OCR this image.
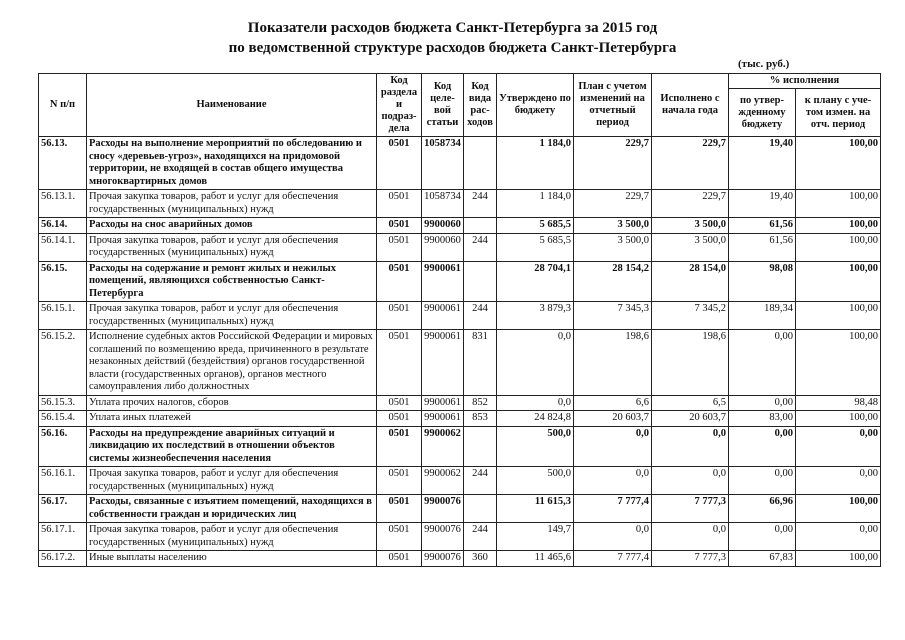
Показатели расходов бюджета Санкт-Петербурга за 2015 год
по ведомственной структуре расходов бюджета Санкт-Петербурга
(тыс. руб.)
N п/п	Наименование	Код раздела и подраз-дела	Код целе-вой статьи	Код вида рас-ходов	Утверждено по бюджету	План с учетом изменений на отчетный период	Исполнено с начала года	% исполнения	
								по утвер-жденному бюджету	к плану с уче-том измен. на отч. период
56.13.	Расходы на выполнение мероприятий по обследованию и сносу «деревьев-угроз», находящихся на придомовой территории, не входящей в состав общего имущества многоквартирных домов	0501	1058734		1 184,0	229,7	229,7	19,40	100,00
56.13.1.	Прочая закупка товаров, работ и услуг для обеспечения государственных (муниципальных) нужд	0501	1058734	244	1 184,0	229,7	229,7	19,40	100,00
56.14.	Расходы на снос аварийных домов	0501	9900060		5 685,5	3 500,0	3 500,0	61,56	100,00
56.14.1.	Прочая закупка товаров, работ и услуг для обеспечения государственных (муниципальных) нужд	0501	9900060	244	5 685,5	3 500,0	3 500,0	61,56	100,00
56.15.	Расходы на содержание и ремонт жилых и нежилых помещений, являющихся собственностью Санкт-Петербурга	0501	9900061		28 704,1	28 154,2	28 154,0	98,08	100,00
56.15.1.	Прочая закупка товаров, работ и услуг для обеспечения государственных (муниципальных) нужд	0501	9900061	244	3 879,3	7 345,3	7 345,2	189,34	100,00
56.15.2.	Исполнение судебных актов Российской Федерации и мировых соглашений по возмещению вреда, причиненного в результате незаконных действий (бездействия) органов государственной власти (государственных органов), органов местного самоуправления либо должностных	0501	9900061	831	0,0	198,6	198,6	0,00	100,00
56.15.3.	Уплата прочих налогов, сборов	0501	9900061	852	0,0	6,6	6,5	0,00	98,48
56.15.4.	Уплата иных платежей	0501	9900061	853	24 824,8	20 603,7	20 603,7	83,00	100,00
56.16.	Расходы на предупреждение аварийных ситуаций и ликвидацию их последствий в отношении объектов системы жизнеобеспечения населения	0501	9900062		500,0	0,0	0,0	0,00	0,00
56.16.1.	Прочая закупка товаров, работ и услуг для обеспечения государственных (муниципальных) нужд	0501	9900062	244	500,0	0,0	0,0	0,00	0,00
56.17.	Расходы, связанные с изъятием помещений, находящихся в собственности граждан и юридических лиц	0501	9900076		11 615,3	7 777,4	7 777,3	66,96	100,00
56.17.1.	Прочая закупка товаров, работ и услуг для обеспечения государственных (муниципальных) нужд	0501	9900076	244	149,7	0,0	0,0	0,00	0,00
56.17.2.	Иные выплаты населению	0501	9900076	360	11 465,6	7 777,4	7 777,3	67,83	100,00
